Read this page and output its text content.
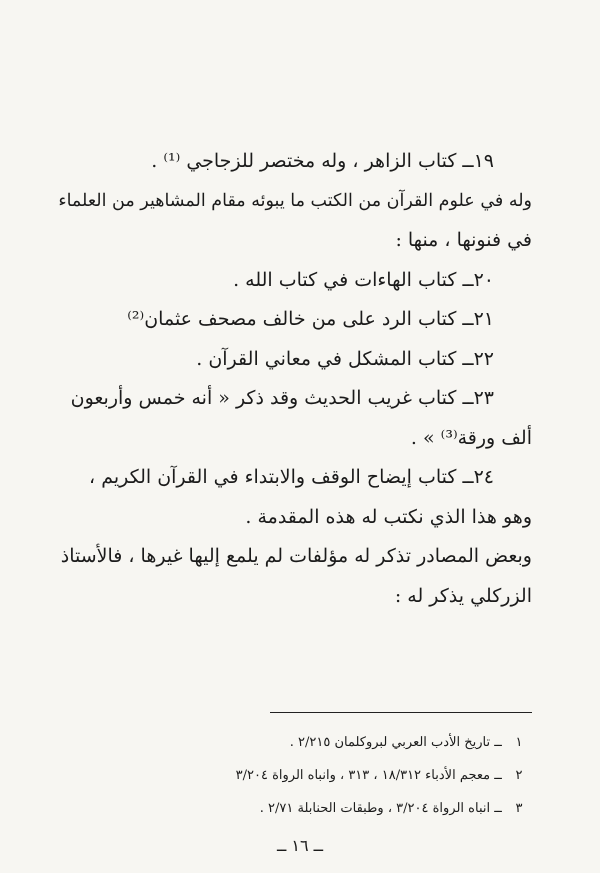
١٩ــ كتاب الزاهر ، وله مختصر للزجاجي ⁽¹⁾ .
وله في علوم القرآن من الكتب ما يبوئه مقام المشاهير من العلماء
في فنونها ، منها :
٢٠ــ كتاب الهاءات في كتاب الله .
٢١ــ كتاب الرد على من خالف مصحف عثمان⁽²⁾
٢٢ــ كتاب المشكل في معاني القرآن .
٢٣ــ كتاب غريب الحديث وقد ذكر « أنه خمس وأربعون
ألف ورقة⁽³⁾ » .
٢٤ــ كتاب إيضاح الوقف والابتداء في القرآن الكريم ،
وهو هذا الذي نكتب له هذه المقدمة .
وبعض المصادر تذكر له مؤلفات لم يلمع إليها غيرها ، فالأستاذ
الزركلي يذكر له :
١ ــ تاريخ الأدب العربي لبروكلمان ٢/٢١٥ .
٢ ــ معجم الأدباء ١٨/٣١٢ ، ٣١٣ ، وانباه الرواة ٣/٢٠٤
٣ ــ انباه الرواة ٣/٢٠٤ ، وطبقات الحنابلة ٢/٧١ .
ــ ١٦ ــ
